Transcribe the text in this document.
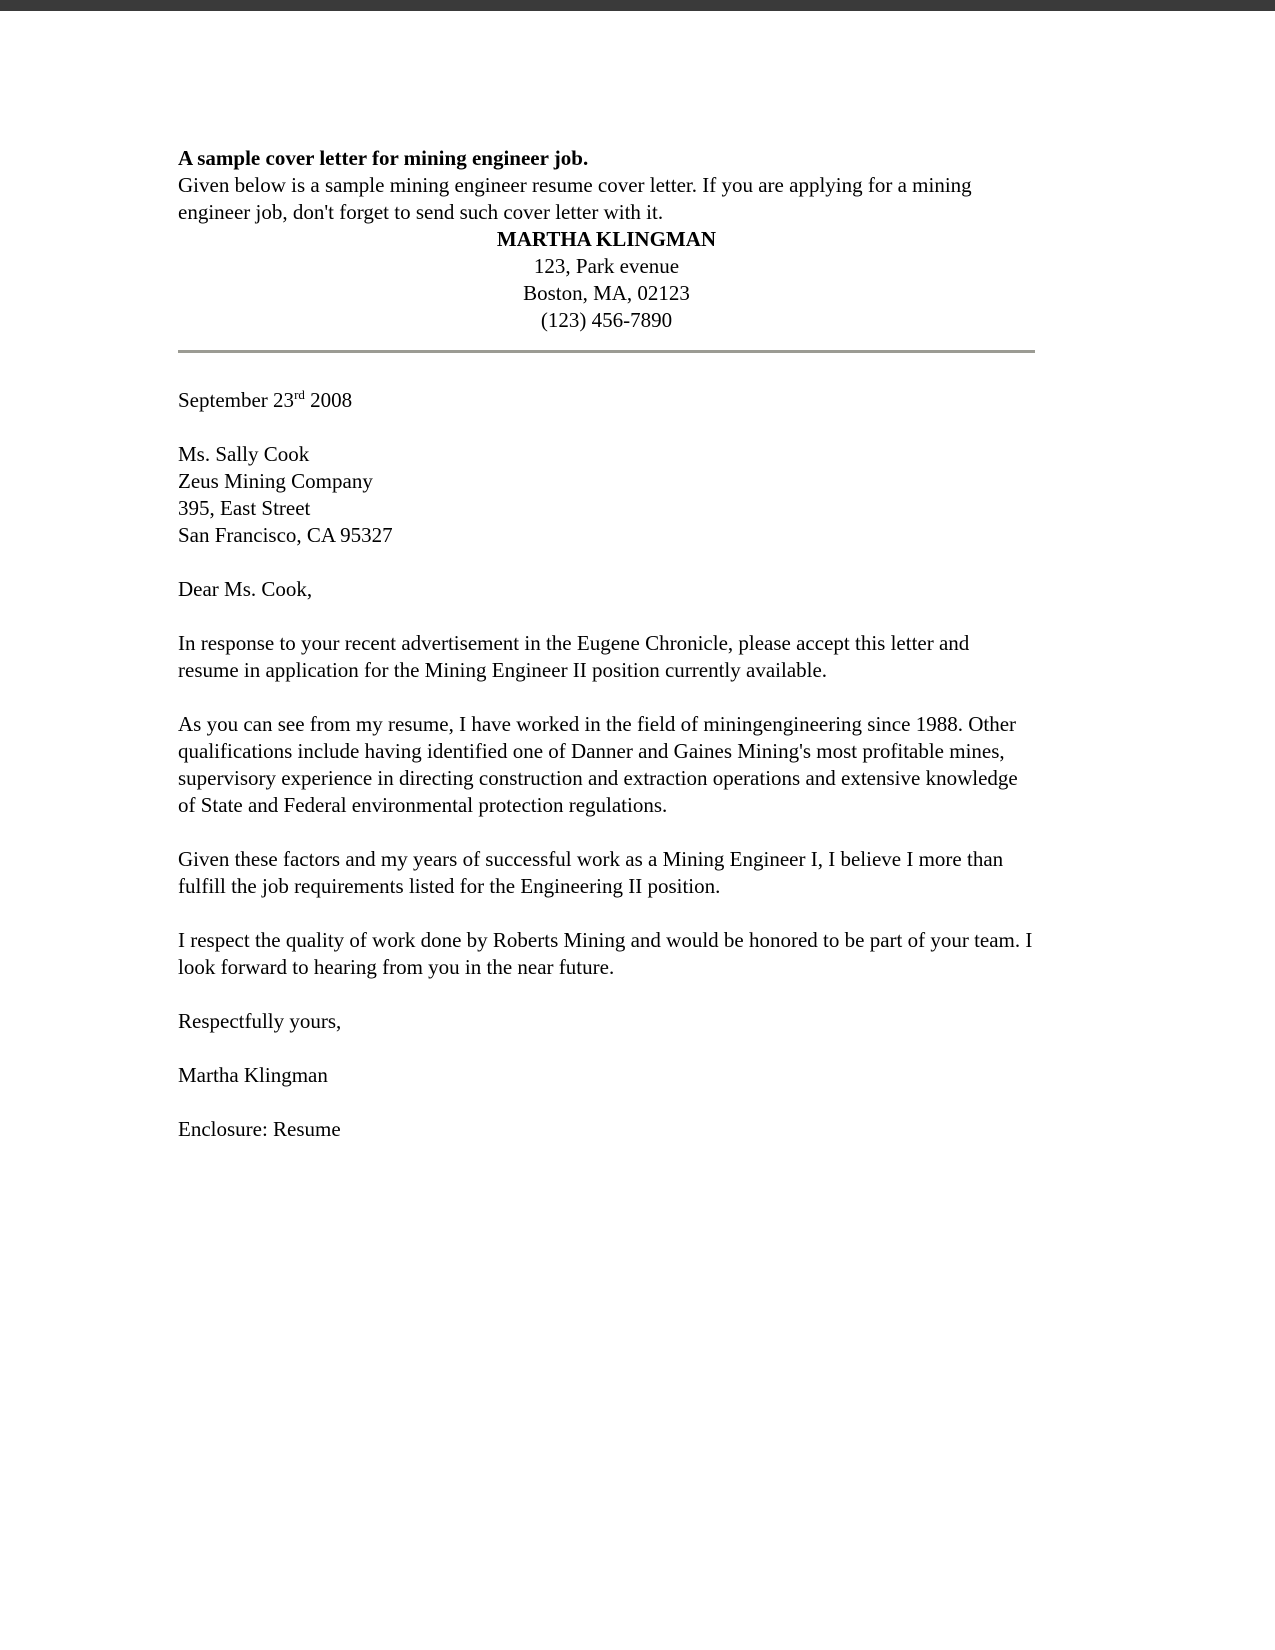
A sample cover letter for mining engineer job.

Given below is a sample mining engineer resume cover letter. If you are applying for a mining engineer job, don't forget to send such cover letter with it.

MARTHA KLINGMAN
123, Park evenue
Boston, MA, 02123
(123) 456-7890
September 23rd 2008
Ms. Sally Cook
Zeus Mining Company
395, East Street
San Francisco, CA 95327
Dear Ms. Cook,

In response to your recent advertisement in the Eugene Chronicle, please accept this letter and resume in application for the Mining Engineer II position currently available.

As you can see from my resume, I have worked in the field of miningengineering since 1988. Other qualifications include having identified one of Danner and Gaines Mining's most profitable mines, supervisory experience in directing construction and extraction operations and extensive knowledge of State and Federal environmental protection regulations.

Given these factors and my years of successful work as a Mining Engineer I, I believe I more than fulfill the job requirements listed for the Engineering II position.

I respect the quality of work done by Roberts Mining and would be honored to be part of your team. I look forward to hearing from you in the near future.

Respectfully yours,
Martha Klingman
Enclosure: Resume
